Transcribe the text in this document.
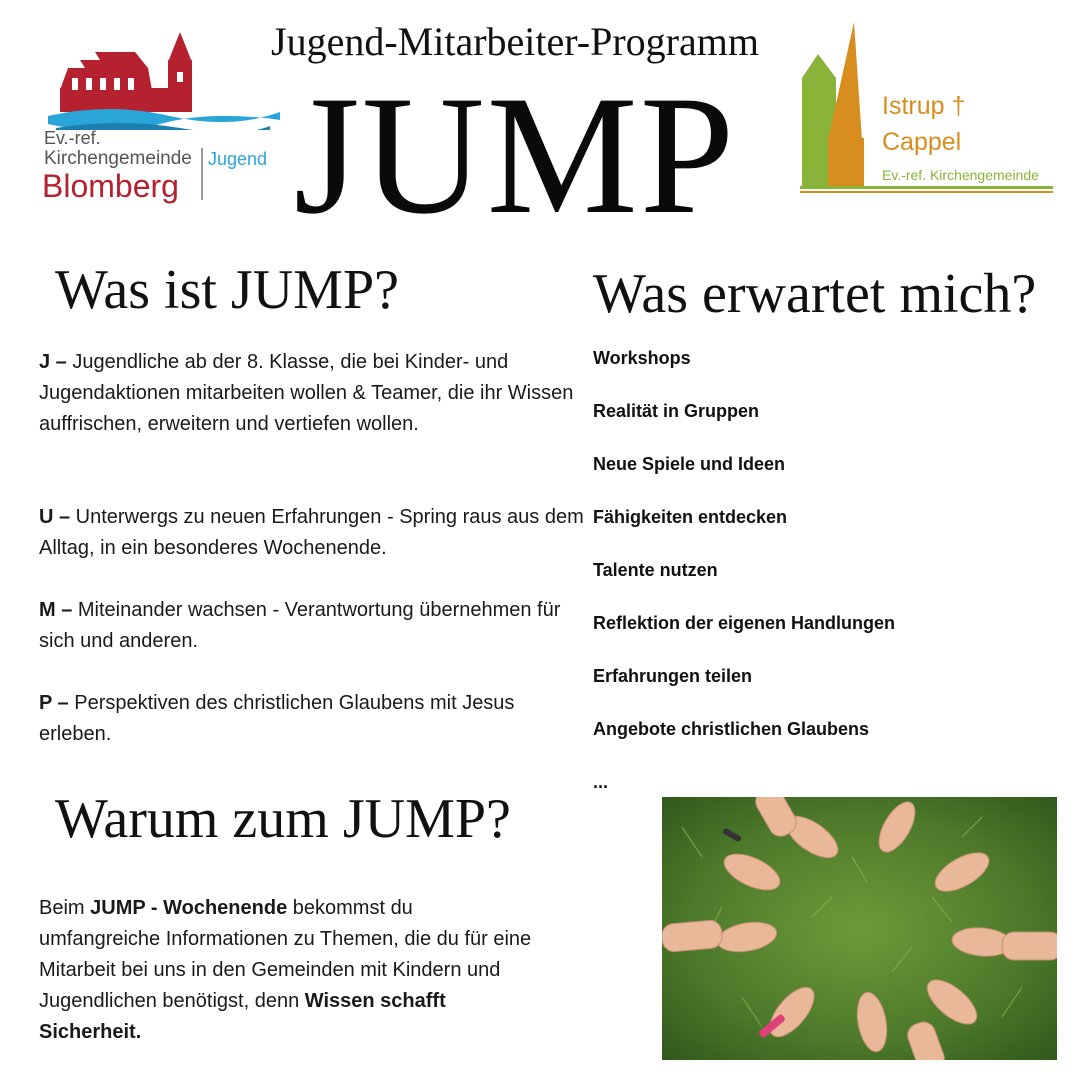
Jugend-Mitarbeiter-Programm
JUMP
Ev.-ref.
Kirchengemeinde
Blomberg
Jugend
Istrup †
Cappel
Ev.-ref. Kirchengemeinde
Was ist JUMP?
J – Jugendliche ab der 8. Klasse, die bei Kinder- und Jugendaktionen mitarbeiten wollen & Teamer, die ihr Wissen auffrischen, erweitern und vertiefen wollen.
U – Unterwergs zu neuen Erfahrungen - Spring raus aus dem Alltag, in ein besonderes Wochenende.
M – Miteinander wachsen - Verantwortung übernehmen für sich und anderen.
P – Perspektiven des christlichen Glaubens mit Jesus erleben.
Was erwartet mich?
Workshops
Realität in Gruppen
Neue Spiele und Ideen
Fähigkeiten entdecken
Talente nutzen
Reflektion der eigenen Handlungen
Erfahrungen teilen
Angebote christlichen Glaubens
...
Warum zum JUMP?
Beim JUMP - Wochenende bekommst du umfangreiche Informationen zu Themen, die du für eine Mitarbeit bei uns in den Gemeinden mit Kindern und Jugendlichen benötigst, denn Wissen schafft Sicherheit.
